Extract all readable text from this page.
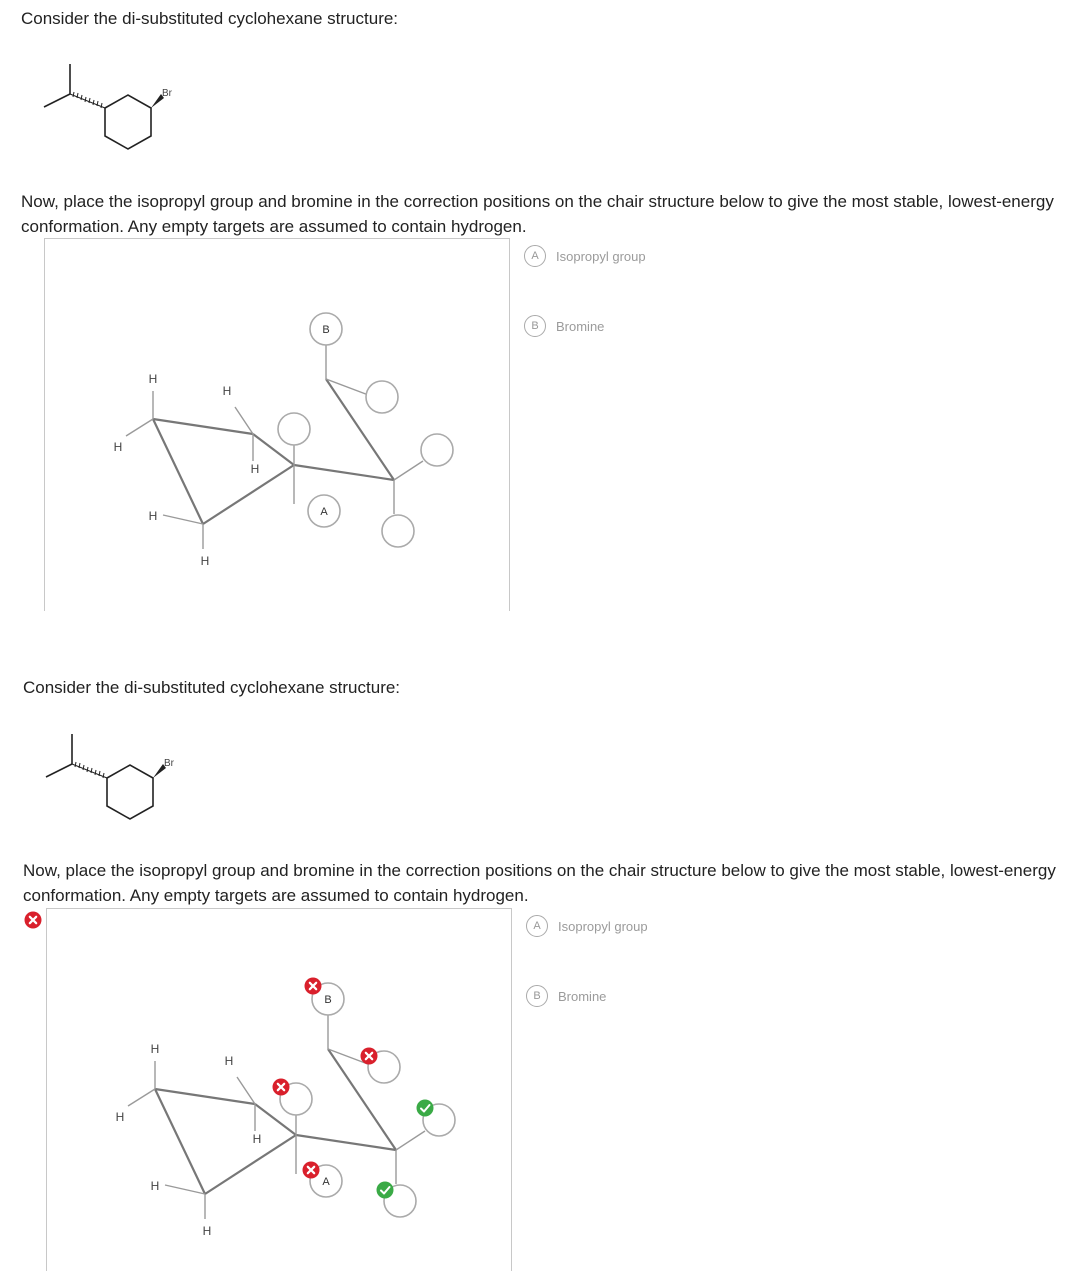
Consider the di-substituted cyclohexane structure:

Br

Now, place the isopropyl group and bromine in the correction positions on the chair structure below to give the most stable, lowest-energy conformation. Any empty targets are assumed to contain hydrogen.

B
A
H
H
H
H
H
H
A	Isopropyl group
B	Bromine

Consider the di-substituted cyclohexane structure:

Br

Now, place the isopropyl group and bromine in the correction positions on the chair structure below to give the most stable, lowest-energy conformation. Any empty targets are assumed to contain hydrogen.

B
A
H
H
H
H
H
H
A	Isopropyl group
B	Bromine
